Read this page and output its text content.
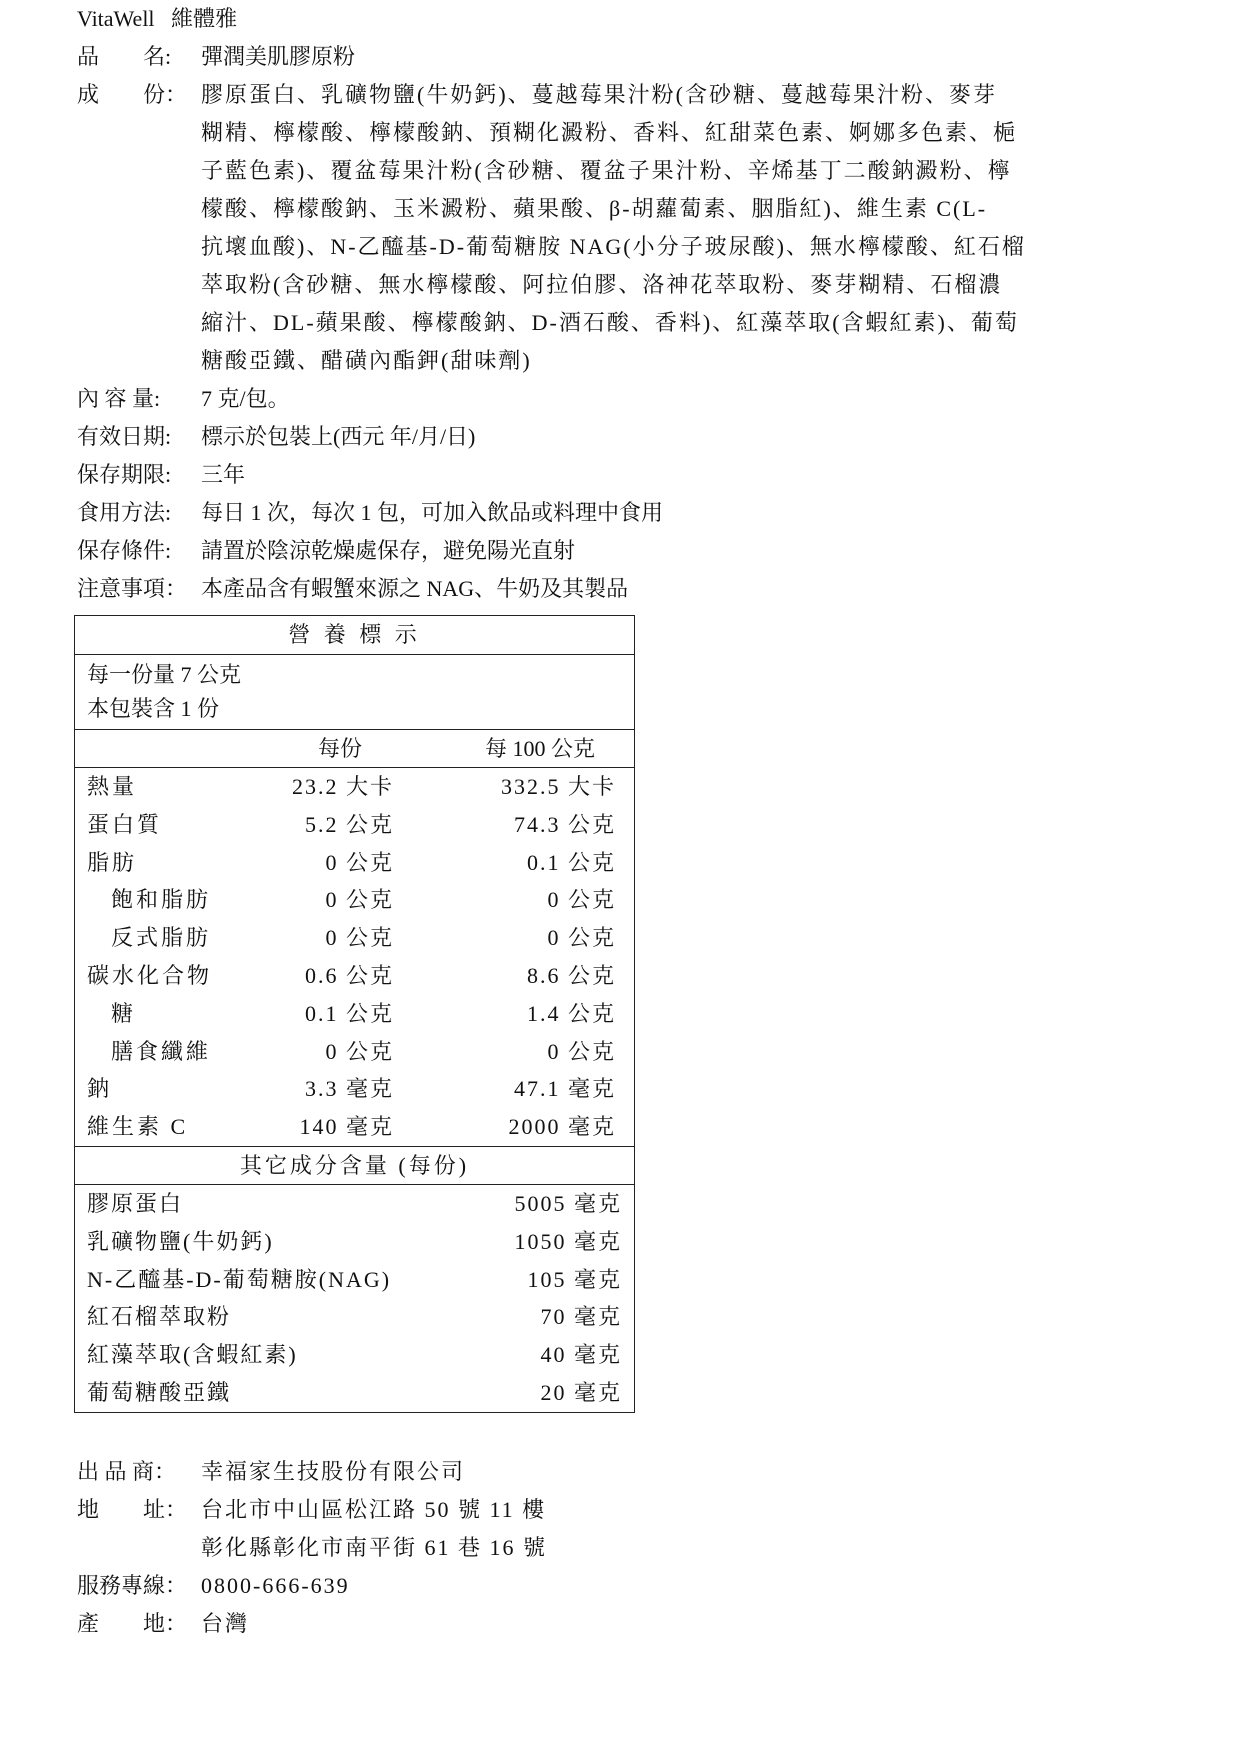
VitaWell 維體雅
品　　名: 彈潤美肌膠原粉
成　　份： 膠原蛋白、乳礦物鹽(牛奶鈣)、蔓越莓果汁粉(含砂糖、蔓越莓果汁粉、麥芽
糊精、檸檬酸、檸檬酸鈉、預糊化澱粉、香料、紅甜菜色素、婀娜多色素、梔
子藍色素)、覆盆莓果汁粉(含砂糖、覆盆子果汁粉、辛烯基丁二酸鈉澱粉、檸
檬酸、檸檬酸鈉、玉米澱粉、蘋果酸、β-胡蘿蔔素、胭脂紅)、維生素 C(L-
抗壞血酸)、N-乙醯基-D-葡萄糖胺 NAG(小分子玻尿酸)、無水檸檬酸、紅石榴
萃取粉(含砂糖、無水檸檬酸、阿拉伯膠、洛神花萃取粉、麥芽糊精、石榴濃
縮汁、DL-蘋果酸、檸檬酸鈉、D-酒石酸、香料)、紅藻萃取(含蝦紅素)、葡萄
糖酸亞鐵、醋磺內酯鉀(甜味劑)
內 容 量: 7 克/包。
有效日期: 標示於包裝上(西元 年/月/日)
保存期限: 三年
食用方法: 每日 1 次，每次 1 包，可加入飲品或料理中食用
保存條件: 請置於陰涼乾燥處保存，避免陽光直射
注意事項： 本產品含有蝦蟹來源之 NAG、牛奶及其製品
營 養 標 示
每一份量 7 公克
本包裝含 1 份
每份	每 100 公克
熱量	23.2 大卡	332.5 大卡
蛋白質	5.2 公克	74.3 公克
脂肪	0 公克	0.1 公克
飽和脂肪	0 公克	0 公克
反式脂肪	0 公克	0 公克
碳水化合物	0.6 公克	8.6 公克
糖	0.1 公克	1.4 公克
膳食纖維	0 公克	0 公克
鈉	3.3 毫克	47.1 毫克
維生素 C	140 毫克	2000 毫克
其它成分含量 (每份)
膠原蛋白	5005 毫克
乳礦物鹽(牛奶鈣)	1050 毫克
N-乙醯基-D-葡萄糖胺(NAG)	105 毫克
紅石榴萃取粉	70 毫克
紅藻萃取(含蝦紅素)	40 毫克
葡萄糖酸亞鐵	20 毫克
出 品 商： 幸福家生技股份有限公司
地　　址： 台北市中山區松江路 50 號 11 樓
彰化縣彰化市南平街 61 巷 16 號
服務專線： 0800-666-639
產　　地： 台灣
